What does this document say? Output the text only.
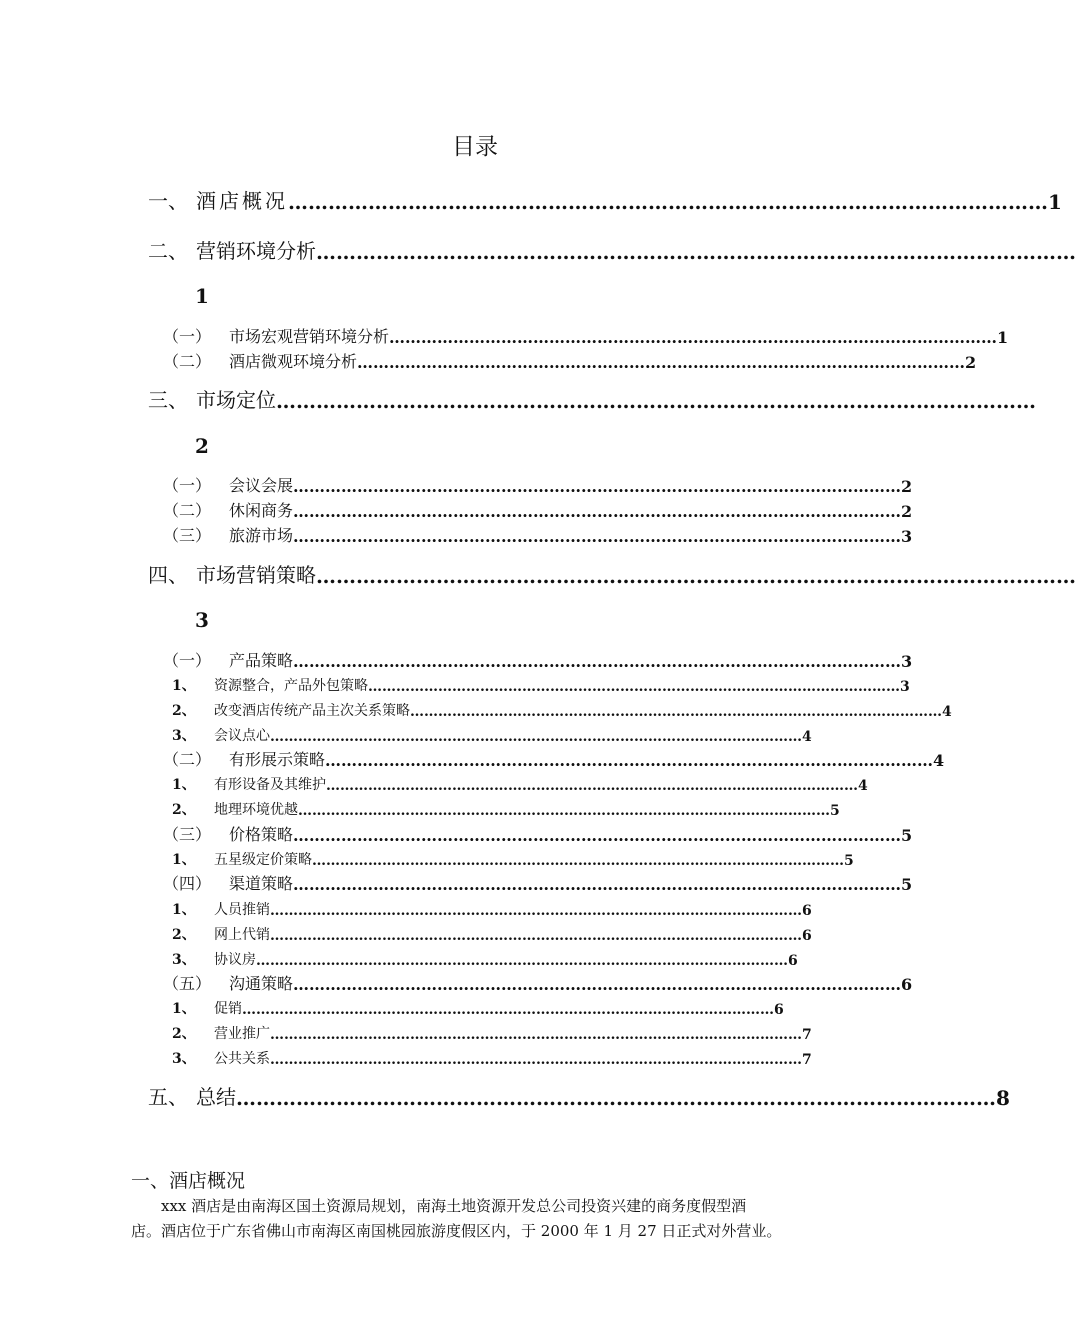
目录
一、 酒店概况 …………………………………………………………………………………………………… 1
二、 营销环境分析 ……………………………………………………………………………………………………
1
（一）	市场宏观营销环境分析 …………………………………………………………………………………………………… 1
（二）	酒店微观环境分析 …………………………………………………………………………………………………… 2
三、 市场定位 ……………………………………………………………………………………………………
2
（一）	会议会展 …………………………………………………………………………………………………… 2
（二）	休闲商务 …………………………………………………………………………………………………… 2
（三）	旅游市场 …………………………………………………………………………………………………… 3
四、 市场营销策略 ……………………………………………………………………………………………………
3
（一）	产品策略 …………………………………………………………………………………………………… 3
1、	资源整合，产品外包策略 …………………………………………………………………………………………………… 3
2、	改变酒店传统产品主次关系策略 …………………………………………………………………………………………………… 4
3、	会议点心 …………………………………………………………………………………………………… 4
（二）	有形展示策略 …………………………………………………………………………………………………… 4
1、	有形设备及其维护 …………………………………………………………………………………………………… 4
2、	地理环境优越 …………………………………………………………………………………………………… 5
（三）	价格策略 …………………………………………………………………………………………………… 5
1、	五星级定价策略 …………………………………………………………………………………………………… 5
（四）	渠道策略 …………………………………………………………………………………………………… 5
1、	人员推销 …………………………………………………………………………………………………… 6
2、	网上代销 …………………………………………………………………………………………………… 6
3、	协议房 …………………………………………………………………………………………………… 6
（五）	沟通策略 …………………………………………………………………………………………………… 6
1、	促销 …………………………………………………………………………………………………… 6
2、	营业推广 …………………………………………………………………………………………………… 7
3、	公共关系 …………………………………………………………………………………………………… 7
五、 总结 …………………………………………………………………………………………………… 8
一、酒店概况
xxx 酒店是由南海区国土资源局规划，南海土地资源开发总公司投资兴建的商务度假型酒
店。酒店位于广东省佛山市南海区南国桃园旅游度假区内，于 2000 年 1 月 27 日正式对外营业。
